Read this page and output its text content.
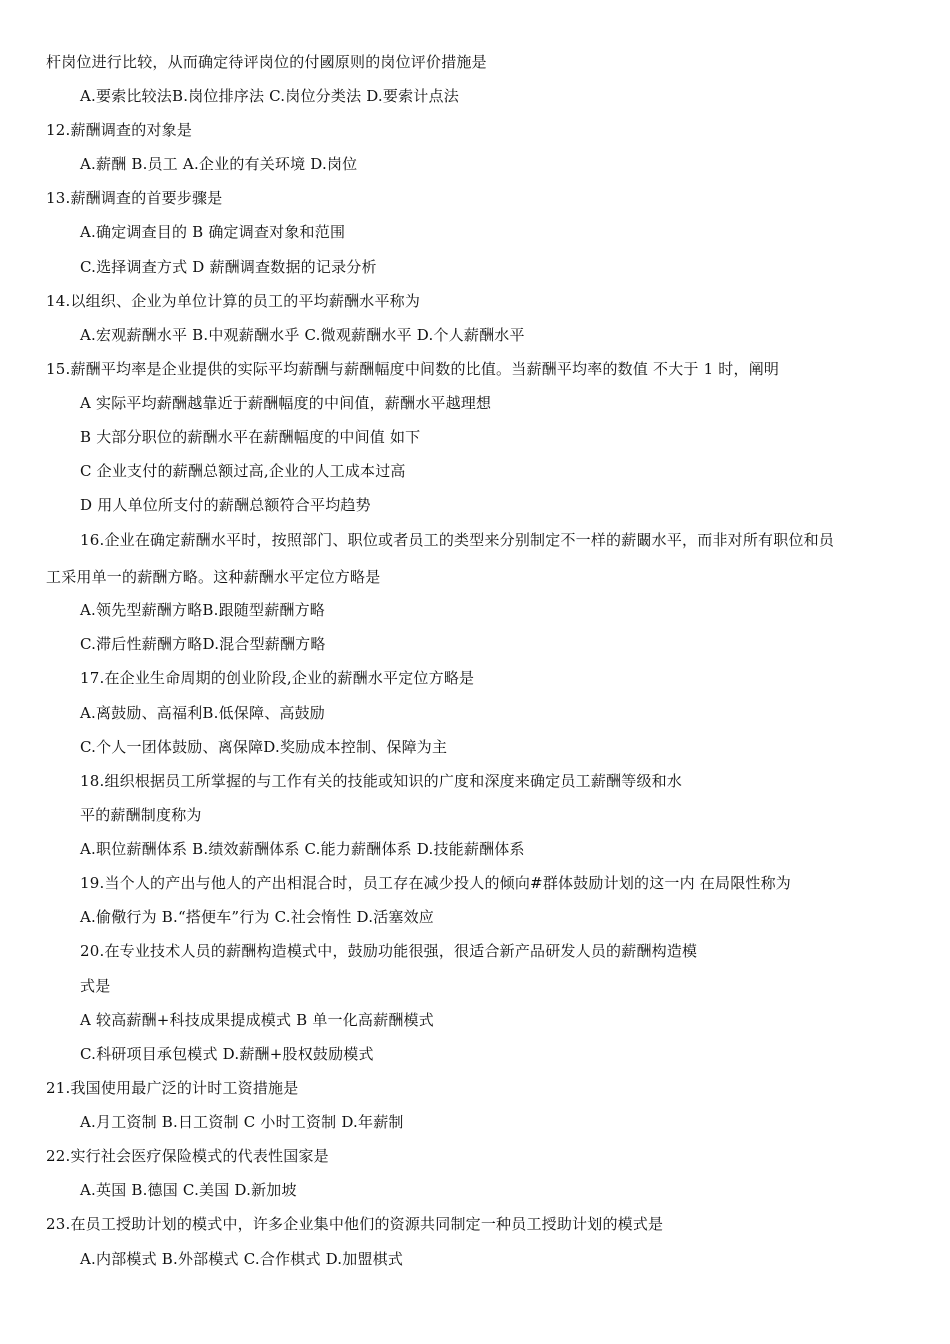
杆岗位进行比较，从而确定待评岗位的付國原则的岗位评价措施是
A.要索比较法B.岗位排序法 C.岗位分类法 D.要索计点法
12.薪酬调查的对象是
A.薪酬 B.员工 A.企业的有关环境 D.岗位
13.薪酬调查的首要步骤是
A.确定调查目的 B 确定调查对象和范围
C.选择调查方式 D 薪酬调查数据的记录分析
14.以组织、企业为单位计算的员工的平均薪酬水平称为
A.宏观薪酬水平 B.中观薪酬水乎 C.微观薪酬水平 D.个人薪酬水平
15.薪酬平均率是企业提供的实际平均薪酬与薪酬幅度中间数的比值。当薪酬平均率的数值 不大于 1 时，阐明
A 实际平均薪酬越靠近于薪酬幅度的中间值，薪酬水平越理想
B 大部分职位的薪酬水平在薪酬幅度的中间值 如下
C 企业支付的薪酬总额过高,企业的人工成本过高
D 用人单位所支付的薪酬总额符合平均趋势
16.企业在确定薪酬水平时，按照部门、职位或者员工的类型来分别制定不一样的薪闞水平，而非对所有职位和员
工采用单一的薪酬方略。这种薪酬水平定位方略是
A.领先型薪酬方略B.跟随型薪酬方略
C.滞后性薪酬方略D.混合型薪酬方略
17.在企业生命周期的创业阶段,企业的薪酬水平定位方略是
A.离鼓励、高福利B.低保障、高鼓励
C.个人一团体鼓励、离保障D.奖励成本控制、保障为主
18.组织根据员工所掌握的与工作有关的技能或知识的广度和深度来确定员工薪酬等级和水
平的薪酬制度称为
A.职位薪酬体系 B.绩效薪酬体系 C.能力薪酬体系 D.技能薪酬体系
19.当个人的产出与他人的产出相混合时，员工存在减少投人的倾向#群体鼓励计划的这一内 在局限性称为
A.偷儆行为 B.“搭便车”行为 C.社会惰性 D.活塞效应
20.在专业技术人员的薪酬构造模式中，鼓励功能很强，很适合新产品研发人员的薪酬构造模
式是
A 较高薪酬+科技成果提成模式 B 单一化高薪酬模式
C.科研项目承包模式 D.薪酬+股权鼓励模式
21.我国使用最广泛的计时工资措施是
A.月工资制 B.日工资制 C 小时工资制 D.年薪制
22.实行社会医疗保险模式的代表性国家是
A.英国 B.德国 C.美国 D.新加坡
23.在员工授助计划的模式中，许多企业集中他们的资源共同制定一种员工授助计划的模式是
A.内部模式 B.外部模式 C.合作棋式 D.加盟棋式
